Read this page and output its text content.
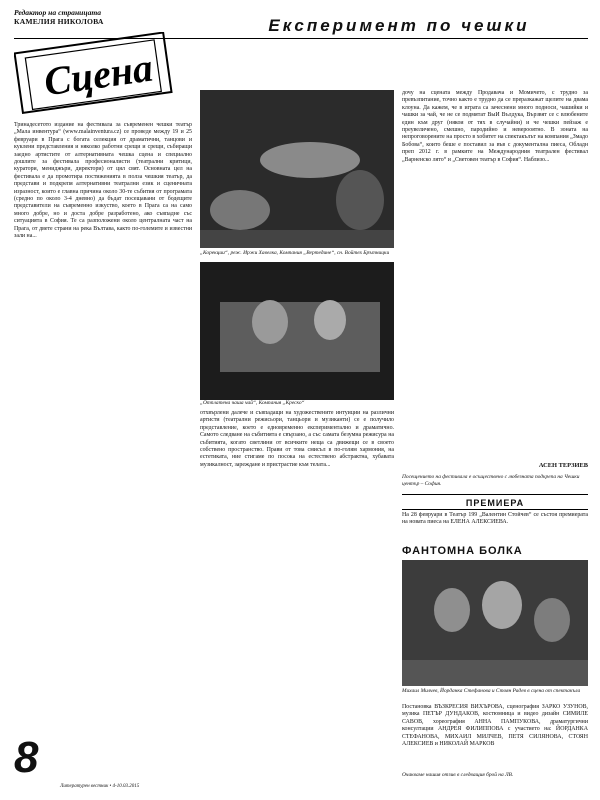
Редактор на страницата
КАМЕЛИЯ НИКОЛОВА
Сцена
Експеримент по чешки
Тринадесетото издание на фестивала за съвременен чешки театър „Мала инвентура“ (www.malainventura.cz) се проведе между 19 и 25 февруари в Прага с богата селекция от драматични, танцови и куклени представления и няколко работни срещи и срещи, събиращи заедно артистите от алтернативната чешка сцена и специално дошлите за фестивала професионалисти (театрални критици, куратори, мениджъри, директори) от цял свят. Основната цел на фестивала е да промотира постиженията в полза чешкия театър, да представи и подкрепя алтернативни театрални език и сценичната изразност, които е главна причина около 30-те събития от програмата (средно по около 3-4 дневно) да бъдат посещавани от бодещите представители на съвременно изкуство, което в Прага са на само много добре, но и доста добре разработено, ако съвпадне със ситуацията в София. Те са разположени около централната част на Прага, от двете страни на река Вълтава, както по-големите и известни зали на...
„Корекции“, реж. Иржи Хавелка, Компания „Вертедине“, сн. Войтех Брътницки
„Отплатена чаша чай“, Компания „Креско“
отхвърлени далече и съвпадащи на художествените интуиции на различни артисти (театрални режисьори, танцьори и музиканти) се е получило представление, което е едновременно експериментално и драматично. Самото следване на събитията е свързано, а със самата безумна режисура на събитията, когато светлини от всичките неща са движещи се в своето собствено пространство. Прави от това смисъл в по-голям хармония, на естетиката, ние стигаме по посока на естествено абстрактна, хубавата музикалност, зареждане и пристрастие към телата...
дочу на сцената между Продавача и Момичето, с трудно за превъзпитание, точно както е трудно да се преразкажат щелите на двама клоуна. Да кажем, че в играта са зачеснени много подноси, чашийки и чашки за чай, че не се подмятат ВыИ Вълдука, Вързвят се с влюбените един към друг (някои от тях в случайни) и че чешки пейзаж е преувеличено, смешно, пародийно и неверооятно. В зоната на непроговорените на просто в хобитет на спектакълът на компания „Змадо Бобова“, които беше е поставил за във с документална пиеса, Обладн преп 2012 г. в рамките на Международния театрален фестивал „Варненско лято“ и „Световен театър в София“. Наблизо...
АСЕН ТЕРЗИЕВ
Посещението на фестивала е осъществено с любезната подкрепа на Чешки център – София.
ПРЕМИЕРА
На 28 февруари в Театър 199 „Валентин Стойчев“ се състоя премиерата на новата пиеса на ЕЛЕНА АЛЕКСИЕВА.
ФАНТОМНА БОЛКА
Михаил Милчев, Йорданка Стефанова и Стоян Радев в сцена от спектакъла
Постановка ВЪЗКРЕСИЯ ВИХЪРОВА, сценография ЗАРКО УЗУНОВ, музика ПЕТЪР ДУНДАКОВ, костюмница и видео дизайн СИМИЛЕ САВОВ, хореография АННА ПАМПУКОВА, драматургични консултации АНДРЕЯ ФИЛИППОВА с участието на: ЙОРДАНКА СТЕФАНОВА, МИХАИЛ МИЛЧЕВ, ПЕТЯ СИЛЯНОВА, СТОЯН АЛЕКСИЕВ и НИКОЛАЙ МАРКОВ
Очакваме нашия отзив в следващия брой на ЛВ.
8
Литературен вестник • 4-10.03.2015
